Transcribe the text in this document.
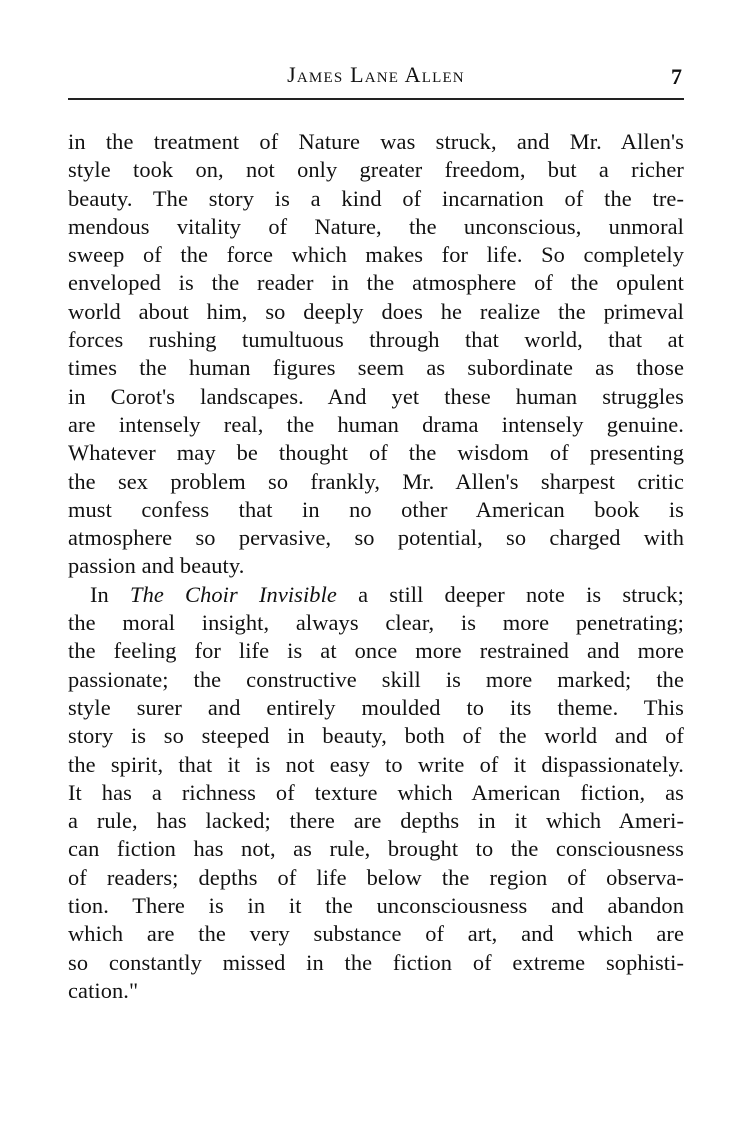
James Lane Allen	7
in the treatment of Nature was struck, and Mr. Allen's
style took on, not only greater freedom, but a richer
beauty. The story is a kind of incarnation of the tre-
mendous vitality of Nature, the unconscious, unmoral
sweep of the force which makes for life. So completely
enveloped is the reader in the atmosphere of the opulent
world about him, so deeply does he realize the primeval
forces rushing tumultuous through that world, that at
times the human figures seem as subordinate as those
in Corot's landscapes. And yet these human struggles
are intensely real, the human drama intensely genuine.
Whatever may be thought of the wisdom of presenting
the sex problem so frankly, Mr. Allen's sharpest critic
must confess that in no other American book is
atmosphere so pervasive, so potential, so charged with
passion and beauty.
In The Choir Invisible a still deeper note is struck;
the moral insight, always clear, is more penetrating;
the feeling for life is at once more restrained and more
passionate; the constructive skill is more marked; the
style surer and entirely moulded to its theme. This
story is so steeped in beauty, both of the world and of
the spirit, that it is not easy to write of it dispassionately.
It has a richness of texture which American fiction, as
a rule, has lacked; there are depths in it which Ameri-
can fiction has not, as rule, brought to the consciousness
of readers; depths of life below the region of observa-
tion. There is in it the unconsciousness and abandon
which are the very substance of art, and which are
so constantly missed in the fiction of extreme sophisti-
cation."
